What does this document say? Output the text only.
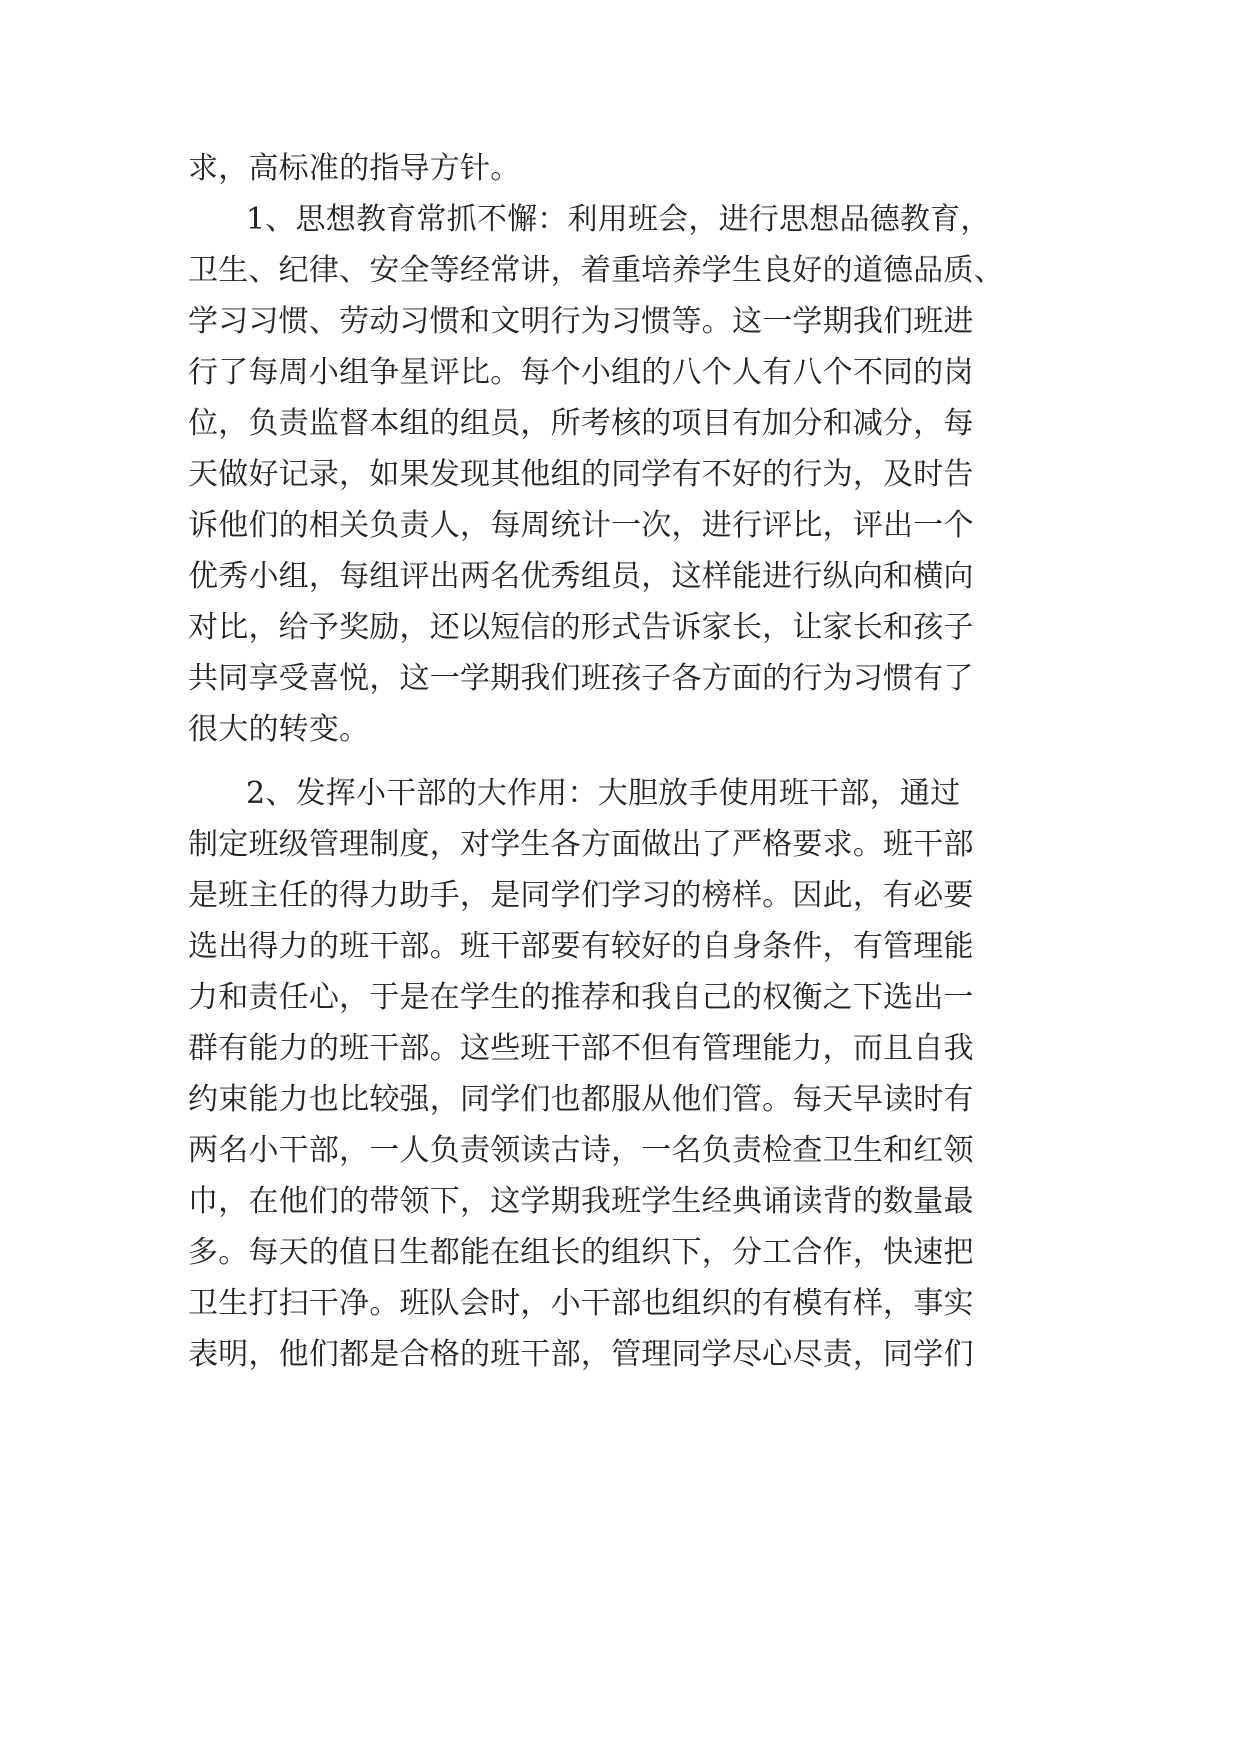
求，高标准的指导方针。
1、思想教育常抓不懈：利用班会，进行思想品德教育，
卫生、纪律、安全等经常讲，着重培养学生良好的道德品质、
学习习惯、劳动习惯和文明行为习惯等。这一学期我们班进
行了每周小组争星评比。每个小组的八个人有八个不同的岗
位，负责监督本组的组员，所考核的项目有加分和减分，每
天做好记录，如果发现其他组的同学有不好的行为，及时告
诉他们的相关负责人，每周统计一次，进行评比，评出一个
优秀小组，每组评出两名优秀组员，这样能进行纵向和横向
对比，给予奖励，还以短信的形式告诉家长，让家长和孩子
共同享受喜悦，这一学期我们班孩子各方面的行为习惯有了
很大的转变。
2、发挥小干部的大作用：大胆放手使用班干部，通过
制定班级管理制度，对学生各方面做出了严格要求。班干部
是班主任的得力助手，是同学们学习的榜样。因此，有必要
选出得力的班干部。班干部要有较好的自身条件，有管理能
力和责任心，于是在学生的推荐和我自己的权衡之下选出一
群有能力的班干部。这些班干部不但有管理能力，而且自我
约束能力也比较强，同学们也都服从他们管。每天早读时有
两名小干部，一人负责领读古诗，一名负责检查卫生和红领
巾，在他们的带领下，这学期我班学生经典诵读背的数量最
多。每天的值日生都能在组长的组织下，分工合作，快速把
卫生打扫干净。班队会时，小干部也组织的有模有样，事实
表明，他们都是合格的班干部，管理同学尽心尽责，同学们
